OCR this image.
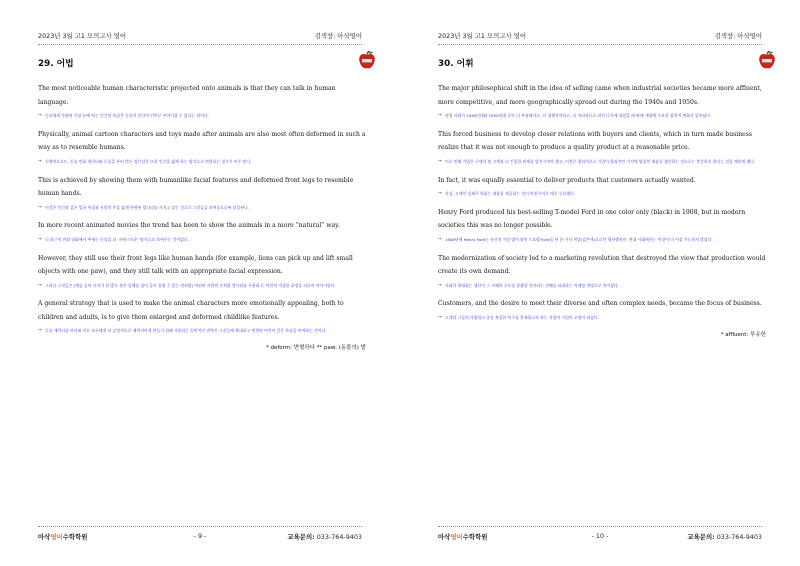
2023년 3월 고1 모의고사 영어	검색창: 아삭영어
29. 어법

The most noticeable human characteristic projected onto animals is that they can talk in human language.

→ 동물에게 투영된 가장 눈에 띄는 인간의 특징은 동물이 인간의 언어로 이야기할 수 있다는 점이다.

Physically, animal cartoon characters and toys made after animals are also most often deformed in such a way as to resemble humans.

→ 신체적으로도, 동물 만화 캐릭터와 동물을 본떠 만든 장난감은 또한 인간을 닮게 하는 방식으로 변형되는 경우가 아주 많다.

This is achieved by showing them with humanlike facial features and deformed front legs to resemble human hands.

→ 이것은 인간과 같은 얼굴 특징과 사람의 손을 닮게 변형된 앞다리를 가지고 있는 것으로 그것들을 보여줌으로써 달성된다.

In more recent animated movies the trend has been to show the animals in a more “natural” way.

→ 더 최근의 만화 영화에서 추세는 동물을 더 ‘자연스러운’ 방식으로 보여주는 것이었다.

However, they still use their front legs like human hands (for example, lions can pick up and lift small objects with one paw), and they still talk with an appropriate facial expression.

→ 그러나 그것들은 (예를 들어 사자가 한 발로 작은 물체를 집어 들어 올릴 수 있는 것처럼) 여전히 사람의 손처럼 앞다리를 사용하고, 여전히 적절한 표정을 지으며 이야기한다.

A general strategy that is used to make the animal characters more emotionally appealing, both to children and adults, is to give them enlarged and deformed childlike features.

→ 동물 캐릭터를 아이와 어른 모두에게 더 감정적으로 매력적이게 만들기 위해 사용되는 일반적인 전략은 그것들에 확대되고 변형된 어린이 같은 특징을 부여하는 것이다.

* deform: 변형하다 ** paw: (동물의) 발
아삭영어수학학원	- 9 -	교육문의: 033-764-9403
2023년 3월 고1 모의고사 영어	검색창: 아삭영어
30. 어휘

The major philosophical shift in the idea of selling came when industrial societies became more affluent, more competitive, and more geographically spread out during the 1940s and 1950s.

→ 산업 사회가 1940년대와 1950년대 동안 더 부유해지고, 더 경쟁적이되고, 더 지리적으로 퍼져 나가게 되었을 때 판매 개념에 주요한 철학적 변화가 일어났다.

This forced business to develop closer relations with buyers and clients, which in turn made business realize that it was not enough to produce a quality product at a reasonable price.

→ 이로 인해 기업은 구매자 및 고객과 더 긴밀한 관계를 발전시켜야 했고, 이것은 결과적으로 기업이 합리적인 가격에 양질의 제품을 생산하는 것으로는 충분하지 않다는 것을 깨닫게 했다.

In fact, it was equally essential to deliver products that customers actually wanted.

→ 사실, 고객이 실제로 원하는 제품을 제공하는 것이 마찬가지로 매우 중요했다.

Henry Ford produced his best-selling T-model Ford in one color only (black) in 1908, but in modern societies this was no longer possible.

→ 1908년에 Henry Ford는 자신의 가장 많이 팔린 T-모델 Ford를 단 한 가지 색상(검은색)으로만 생산했지만, 현대 사회에서는 이것이 더 이상 가능하지 않았다.

The modernization of society led to a marketing revolution that destroyed the view that production would create its own demand.

→ 사회의 현대화는 생산이 그 자체의 수요를 창출할 것이라는 견해를 파괴하는 마케팅 혁명으로 이어졌다.

Customers, and the desire to meet their diverse and often complex needs, became the focus of business.

→ 고객과 그들의 다양하고 종종 복잡한 욕구를 충족하고자 하는 욕망이 기업의 초점이 되었다.

* affluent: 부유한
아삭영어수학학원	- 10 -	교육문의: 033-764-9403
